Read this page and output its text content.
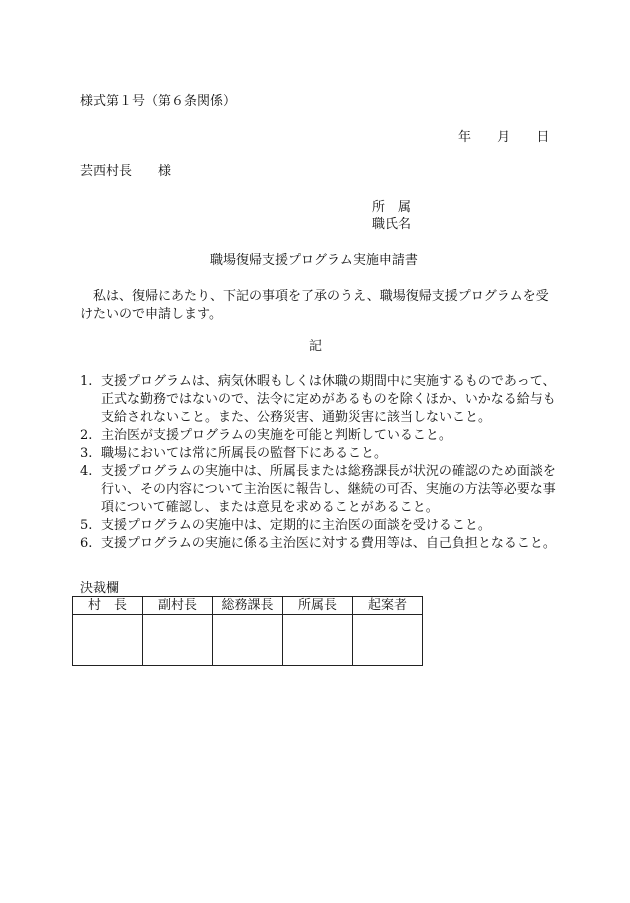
様式第１号（第６条関係）
年 月 日
芸西村長 様
所属
職氏名
職場復帰支援プログラム実施申請書
私は、復帰にあたり、下記の事項を了承のうえ、職場復帰支援プログラムを受けたいので申請します。
記
1. 支援プログラムは、病気休暇もしくは休職の期間中に実施するものであって、正式な勤務ではないので、法令に定めがあるものを除くほか、いかなる給与も支給されないこと。また、公務災害、通勤災害に該当しないこと。
2. 主治医が支援プログラムの実施を可能と判断していること。
3. 職場においては常に所属長の監督下にあること。
4. 支援プログラムの実施中は、所属長または総務課長が状況の確認のため面談を行い、その内容について主治医に報告し、継続の可否、実施の方法等必要な事項について確認し、または意見を求めることがあること。
5. 支援プログラムの実施中は、定期的に主治医の面談を受けること。
6. 支援プログラムの実施に係る主治医に対する費用等は、自己負担となること。
決裁欄
村　長	副村長	総務課長	所属長	起案者
